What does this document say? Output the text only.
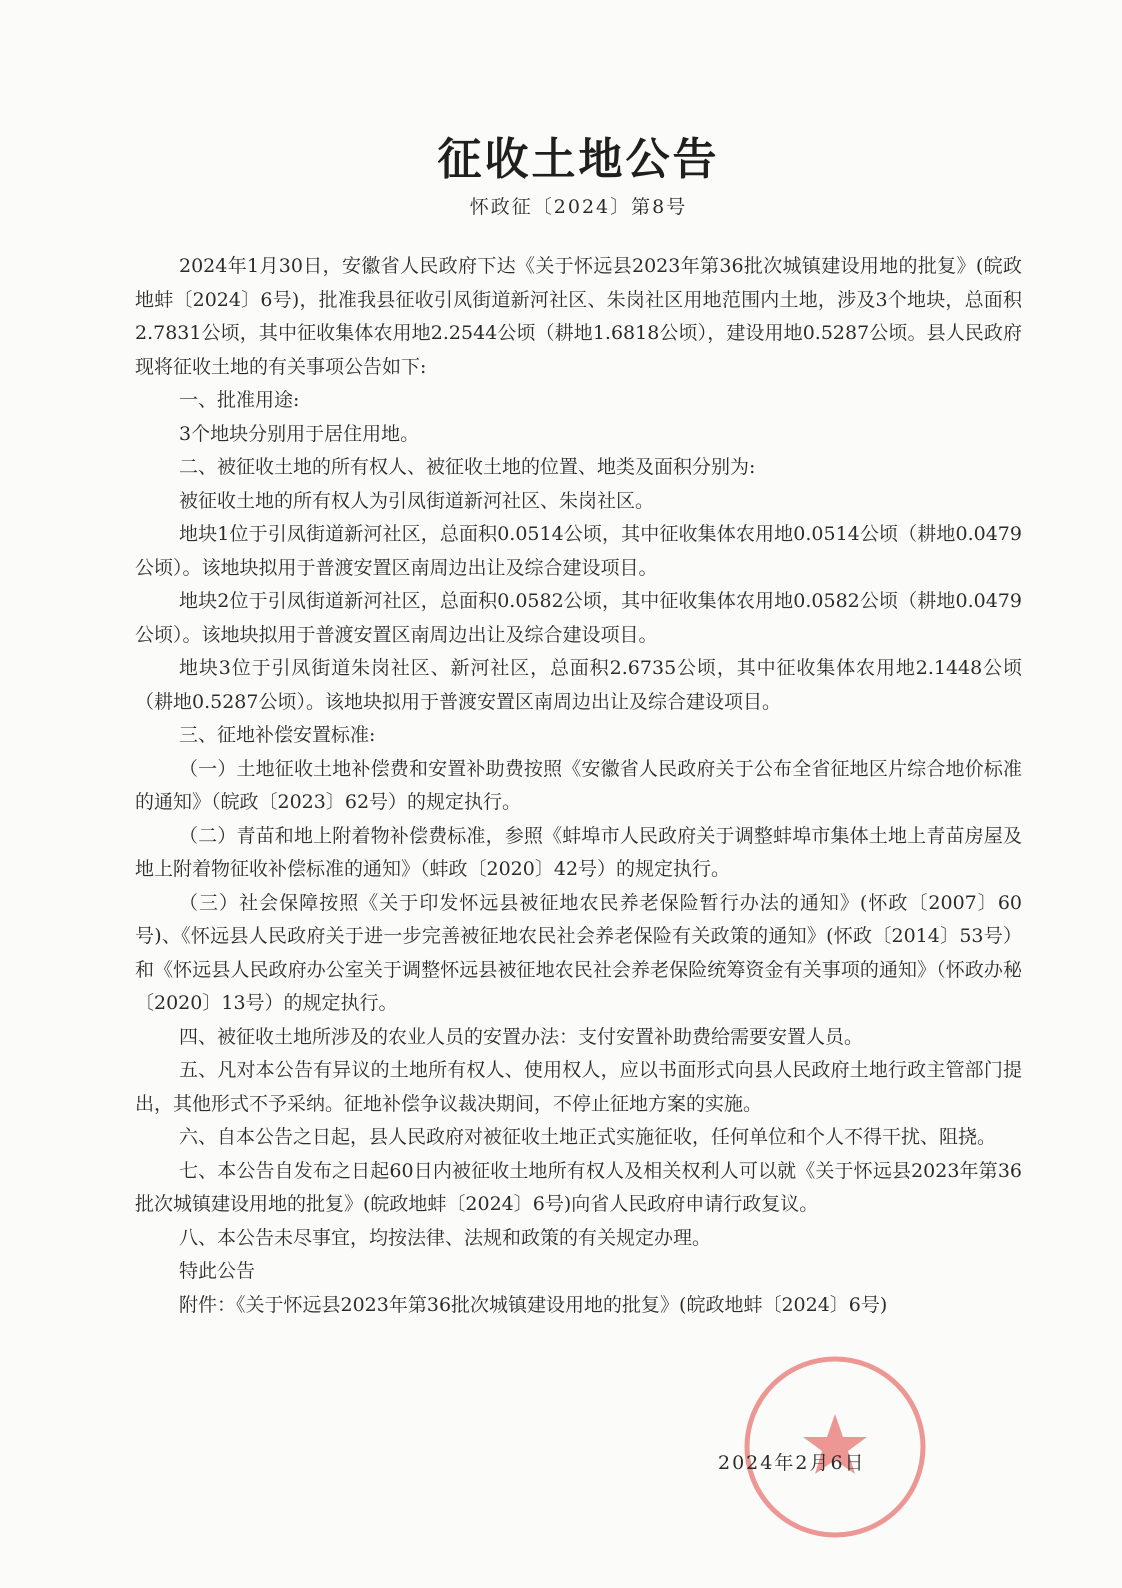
征收土地公告
怀政征〔2024〕第8号

2024年1月30日，安徽省人民政府下达《关于怀远县2023年第36批次城镇建设用地的批复》(皖政地蚌〔2024〕6号)，批准我县征收引凤街道新河社区、朱岗社区用地范围内土地，涉及3个地块，总面积2.7831公顷，其中征收集体农用地2.2544公顷（耕地1.6818公顷），建设用地0.5287公顷。县人民政府现将征收土地的有关事项公告如下:

一、批准用途:

3个地块分别用于居住用地。

二、被征收土地的所有权人、被征收土地的位置、地类及面积分别为:

被征收土地的所有权人为引凤街道新河社区、朱岗社区。

地块1位于引凤街道新河社区，总面积0.0514公顷，其中征收集体农用地0.0514公顷（耕地0.0479公顷）。该地块拟用于普渡安置区南周边出让及综合建设项目。

地块2位于引凤街道新河社区，总面积0.0582公顷，其中征收集体农用地0.0582公顷（耕地0.0479公顷）。该地块拟用于普渡安置区南周边出让及综合建设项目。

地块3位于引凤街道朱岗社区、新河社区，总面积2.6735公顷，其中征收集体农用地2.1448公顷（耕地0.5287公顷）。该地块拟用于普渡安置区南周边出让及综合建设项目。

三、征地补偿安置标准:

（一）土地征收土地补偿费和安置补助费按照《安徽省人民政府关于公布全省征地区片综合地价标准的通知》（皖政〔2023〕62号）的规定执行。

（二）青苗和地上附着物补偿费标准，参照《蚌埠市人民政府关于调整蚌埠市集体土地上青苗房屋及地上附着物征收补偿标准的通知》（蚌政〔2020〕42号）的规定执行。

（三）社会保障按照《关于印发怀远县被征地农民养老保险暂行办法的通知》(怀政〔2007〕60号)、《怀远县人民政府关于进一步完善被征地农民社会养老保险有关政策的通知》(怀政〔2014〕53号）和《怀远县人民政府办公室关于调整怀远县被征地农民社会养老保险统筹资金有关事项的通知》（怀政办秘〔2020〕13号）的规定执行。

四、被征收土地所涉及的农业人员的安置办法：支付安置补助费给需要安置人员。

五、凡对本公告有异议的土地所有权人、使用权人，应以书面形式向县人民政府土地行政主管部门提出，其他形式不予采纳。征地补偿争议裁决期间，不停止征地方案的实施。

六、自本公告之日起，县人民政府对被征收土地正式实施征收，任何单位和个人不得干扰、阻挠。

七、本公告自发布之日起60日内被征收土地所有权人及相关权利人可以就《关于怀远县2023年第36批次城镇建设用地的批复》(皖政地蚌〔2024〕6号)向省人民政府申请行政复议。

八、本公告未尽事宜，均按法律、法规和政策的有关规定办理。

特此公告

附件：《关于怀远县2023年第36批次城镇建设用地的批复》(皖政地蚌〔2024〕6号)

2024年2月6日
